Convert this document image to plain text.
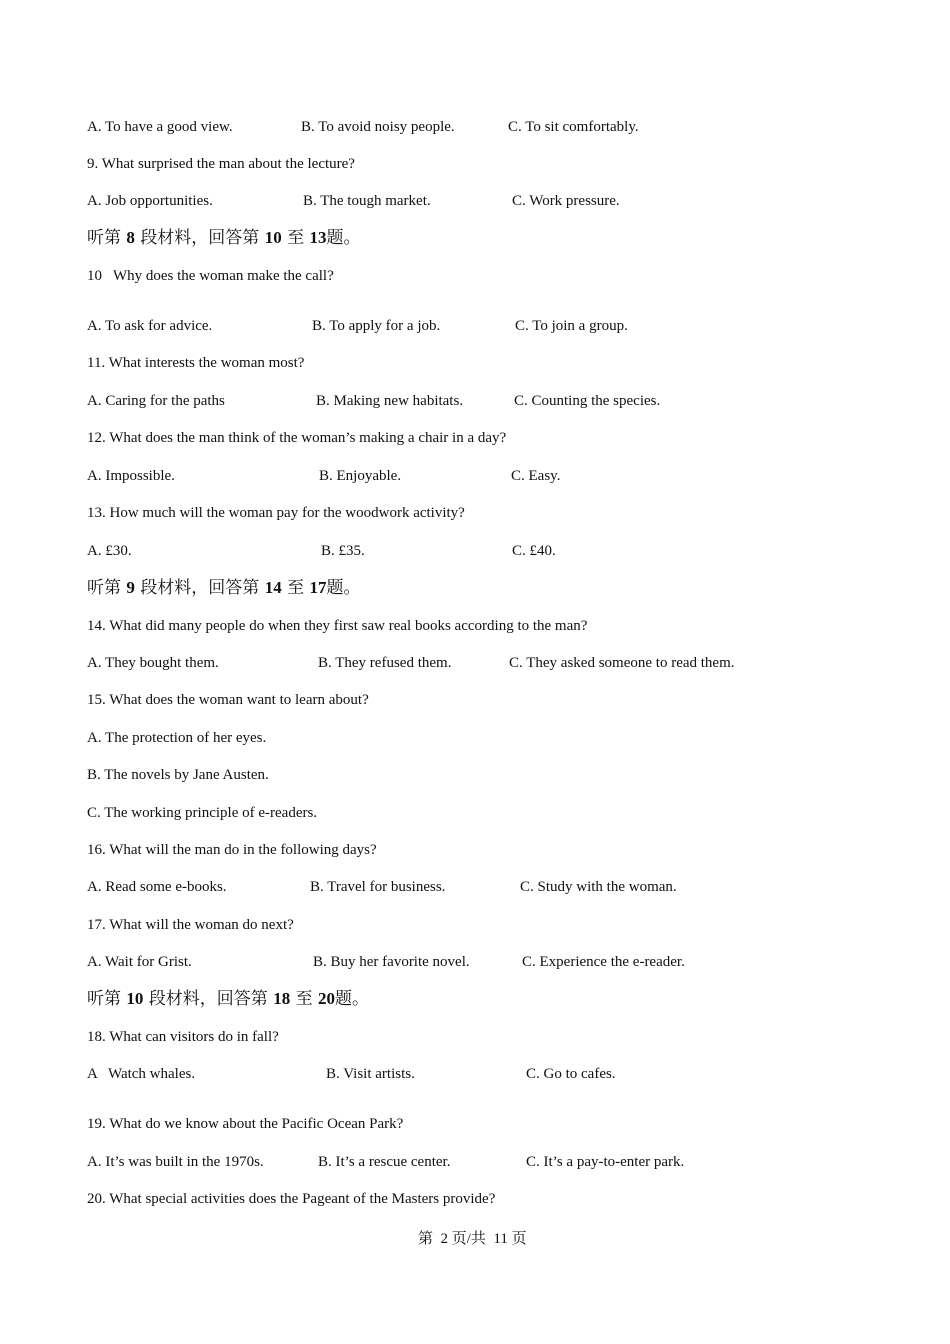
A. To have a good view.	B. To avoid noisy people.	C. To sit comfortably.
9. What surprised the man about the lecture?
A. Job opportunities.	B. The tough market.	C. Work pressure.
听第 8 段材料，回答第 10 至 13题。
10   Why does the woman make the call?
A. To ask for advice.	B. To apply for a job.	C. To join a group.
11. What interests the woman most?
A. Caring for the paths	B. Making new habitats.	C. Counting the species.
12. What does the man think of the woman’s making a chair in a day?
A. Impossible.	B. Enjoyable.	C. Easy.
13. How much will the woman pay for the woodwork activity?
A. £30.	B. £35.	C. £40.
听第 9 段材料，回答第 14 至 17题。
14. What did many people do when they first saw real books according to the man?
A. They bought them.	B. They refused them.	C. They asked someone to read them.
15. What does the woman want to learn about?
A. The protection of her eyes.
B. The novels by Jane Austen.
C. The working principle of e-readers.
16. What will the man do in the following days?
A. Read some e-books.	B. Travel for business.	C. Study with the woman.
17. What will the woman do next?
A. Wait for Grist.	B. Buy her favorite novel.	C. Experience the e-reader.
听第 10 段材料，回答第 18 至 20题。
18. What can visitors do in fall?
A   Watch whales.	B. Visit artists.	C. Go to cafes.
19. What do we know about the Pacific Ocean Park?
A. It’s was built in the 1970s.	B. It’s a rescue center.	C. It’s a pay-to-enter park.
20. What special activities does the Pageant of the Masters provide?
第  2 页/共  11 页
